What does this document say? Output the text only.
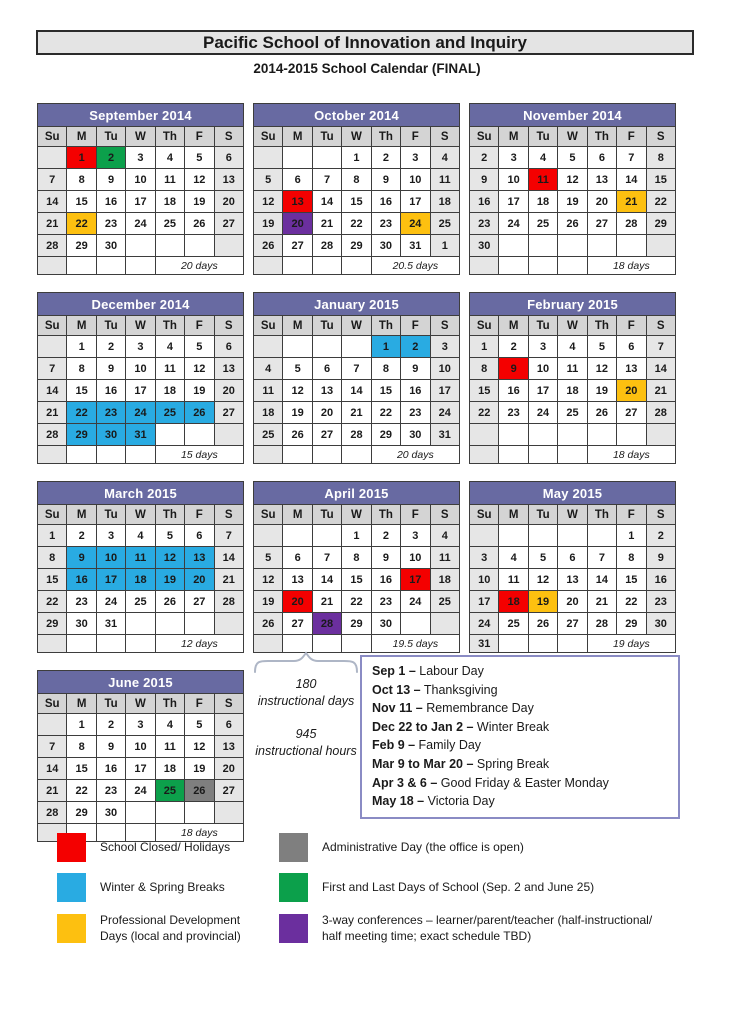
Pacific School of Innovation and Inquiry
2014-2015 School Calendar (FINAL)
September 2014						
Su	M	Tu	W	Th	F	S
	1	2	3	4	5	6
7	8	9	10	11	12	13
14	15	16	17	18	19	20
21	22	23	24	25	26	27
28	29	30				
				20 days		
October 2014						
Su	M	Tu	W	Th	F	S
			1	2	3	4
5	6	7	8	9	10	11
12	13	14	15	16	17	18
19	20	21	22	23	24	25
26	27	28	29	30	31	1
				20.5 days		
November 2014						
Su	M	Tu	W	Th	F	S
2	3	4	5	6	7	8
9	10	11	12	13	14	15
16	17	18	19	20	21	22
23	24	25	26	27	28	29
30						
				18 days		
December 2014						
Su	M	Tu	W	Th	F	S
	1	2	3	4	5	6
7	8	9	10	11	12	13
14	15	16	17	18	19	20
21	22	23	24	25	26	27
28	29	30	31			
				15 days		
January 2015						
Su	M	Tu	W	Th	F	S
				1	2	3
4	5	6	7	8	9	10
11	12	13	14	15	16	17
18	19	20	21	22	23	24
25	26	27	28	29	30	31
				20 days		
February 2015						
Su	M	Tu	W	Th	F	S
1	2	3	4	5	6	7
8	9	10	11	12	13	14
15	16	17	18	19	20	21
22	23	24	25	26	27	28

				18 days		
March 2015						
Su	M	Tu	W	Th	F	S
1	2	3	4	5	6	7
8	9	10	11	12	13	14
15	16	17	18	19	20	21
22	23	24	25	26	27	28
29	30	31				
				12 days		
April 2015						
Su	M	Tu	W	Th	F	S
			1	2	3	4
5	6	7	8	9	10	11
12	13	14	15	16	17	18
19	20	21	22	23	24	25
26	27	28	29	30		
				19.5 days		
May 2015						
Su	M	Tu	W	Th	F	S
					1	2
3	4	5	6	7	8	9
10	11	12	13	14	15	16
17	18	19	20	21	22	23
24	25	26	27	28	29	30
31				19 days		
June 2015						
Su	M	Tu	W	Th	F	S
	1	2	3	4	5	6
7	8	9	10	11	12	13
14	15	16	17	18	19	20
21	22	23	24	25	26	27
28	29	30				
				18 days		
180
instructional days
945
instructional hours
Sep 1 – Labour Day
Oct 13 – Thanksgiving
Nov 11 – Remembrance Day
Dec 22 to Jan 2 – Winter Break
Feb 9 – Family Day
Mar 9 to Mar 20 – Spring Break
Apr 3 & 6 – Good Friday & Easter Monday
May 18 – Victoria Day
School Closed/ Holidays	Administrative Day (the office is open)
Winter & Spring Breaks	First and Last Days of School (Sep. 2 and June 25)
Professional Development Days (local and provincial)
3-way conferences – learner/parent/teacher (half-instructional/ half meeting time; exact schedule TBD)
